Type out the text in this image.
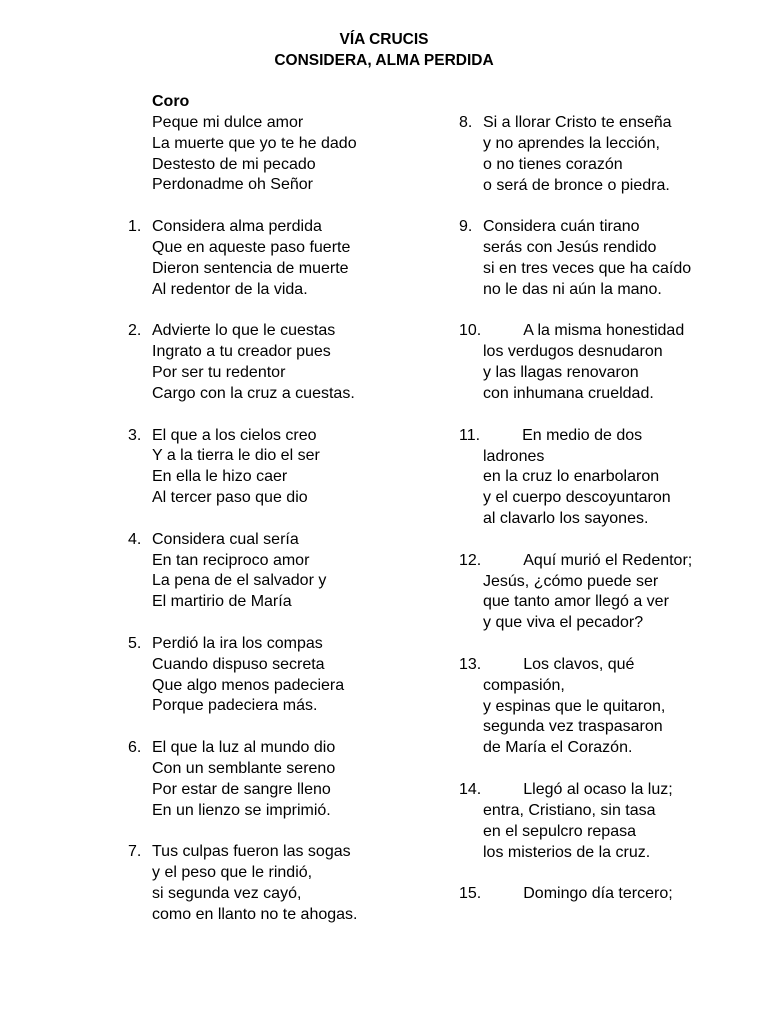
VÍA CRUCIS
CONSIDERA, ALMA PERDIDA
Coro
Peque mi dulce amor
La muerte que yo te he dado
Destesto de mi pecado
Perdonadme oh Señor
1. Considera alma perdida
Que en aqueste paso fuerte
Dieron sentencia de muerte
Al redentor de la vida.
2. Advierte lo que le cuestas
Ingrato a tu creador pues
Por ser tu redentor
Cargo con la cruz a cuestas.
3. El que a los cielos creo
Y a la tierra le dio el ser
En ella le hizo caer
Al tercer paso que dio
4. Considera cual sería
En tan reciproco amor
La pena de el salvador y
El martirio de María
5. Perdió la ira los compas
Cuando dispuso secreta
Que algo menos padeciera
Porque padeciera más.
6. El que la luz al mundo dio
Con un semblante sereno
Por estar de sangre lleno
En un lienzo se imprimió.
7. Tus culpas fueron las sogas
y el peso que le rindió,
si segunda vez cayó,
como en llanto no te ahogas.
8. Si a llorar Cristo te enseña
y no aprendes la lección,
o no tienes corazón
o será de bronce o piedra.
9. Considera cuán tirano
serás con Jesús rendido
si en tres veces que ha caído
no le das ni aún la mano.
10.	A la misma honestidad
los verdugos desnudaron
y las llagas renovaron
con inhumana crueldad.
11.	En medio de dos
ladrones
en la cruz lo enarbolaron
y el cuerpo descoyuntaron
al clavarlo los sayones.
12.	Aquí murió el Redentor;
Jesús, ¿cómo puede ser
que tanto amor llegó a ver
y que viva el pecador?
13.	Los clavos, qué
compasión,
y espinas que le quitaron,
segunda vez traspasaron
de María el Corazón.
14.	Llegó al ocaso la luz;
entra, Cristiano, sin tasa
en el sepulcro repasa
los misterios de la cruz.
15.	Domingo día tercero;
